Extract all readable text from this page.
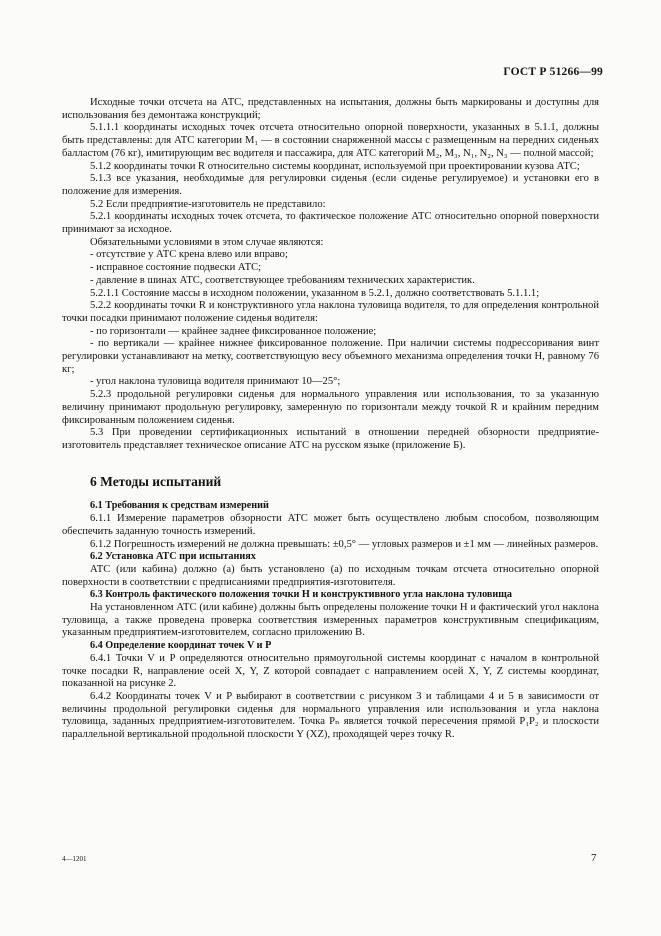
ГОСТ Р 51266—99

Исходные точки отсчета на АТС, представленных на испытания, должны быть маркированы и доступны для использования без демонтажа конструкций;

5.1.1.1 координаты исходных точек отсчета относительно опорной поверхности, указанных в 5.1.1, должны быть представлены: для АТС категории M₁ — в состоянии снаряженной массы с размещенным на передних сиденьях балластом (76 кг), имитирующим вес водителя и пассажира, для АТС категорий M₂, M₃, N₁, N₂, N₃ — полной массой;

5.1.2 координаты точки R относительно системы координат, используемой при проектировании кузова АТС;

5.1.3 все указания, необходимые для регулировки сиденья (если сиденье регулируемое) и установки его в положение для измерения.

5.2 Если предприятие-изготовитель не представило:

5.2.1 координаты исходных точек отсчета, то фактическое положение АТС относительно опорной поверхности принимают за исходное.

Обязательными условиями в этом случае являются:

- отсутствие у АТС крена влево или вправо;

- исправное состояние подвески АТС;

- давление в шинах АТС, соответствующее требованиям технических характеристик.

5.2.1.1 Состояние массы в исходном положении, указанном в 5.2.1, должно соответствовать 5.1.1.1;

5.2.2 координаты точки R и конструктивного угла наклона туловища водителя, то для определения контрольной точки посадки принимают положение сиденья водителя:

- по горизонтали — крайнее заднее фиксированное положение;

- по вертикали — крайнее нижнее фиксированное положение. При наличии системы подрессоривания винт регулировки устанавливают на метку, соответствующую весу объемного механизма определения точки H, равному 76 кг;

- угол наклона туловища водителя принимают 10—25°;

5.2.3 продольной регулировки сиденья для нормального управления или использования, то за указанную величину принимают продольную регулировку, замеренную по горизонтали между точкой R и крайним передним фиксированным положением сиденья.

5.3 При проведении сертификационных испытаний в отношении передней обзорности предприятие-изготовитель представляет техническое описание АТС на русском языке (приложение Б).

6 Методы испытаний
6.1 Требования к средствам измерений

6.1.1 Измерение параметров обзорности АТС может быть осуществлено любым способом, позволяющим обеспечить заданную точность измерений.

6.1.2 Погрешность измерений не должна превышать: ±0,5° — угловых размеров и ±1 мм — линейных размеров.

6.2 Установка АТС при испытаниях

АТС (или кабина) должно (а) быть установлено (а) по исходным точкам отсчета относительно опорной поверхности в соответствии с предписаниями предприятия-изготовителя.

6.3 Контроль фактического положения точки H и конструктивного угла наклона туловища

На установленном АТС (или кабине) должны быть определены положение точки H и фактический угол наклона туловища, а также проведена проверка соответствия измеренных параметров конструктивным спецификациям, указанным предприятием-изготовителем, согласно приложению В.

6.4 Определение координат точек V и P

6.4.1 Точки V и P определяются относительно прямоугольной системы координат с началом в контрольной точке посадки R, направление осей X, Y, Z которой совпадает с направлением осей X, Y, Z системы координат, показанной на рисунке 2.

6.4.2 Координаты точек V и P выбирают в соответствии с рисунком 3 и таблицами 4 и 5 в зависимости от величины продольной регулировки сиденья для нормального управления или использования и угла наклона туловища, заданных предприятием-изготовителем. Точка Pₙ является точкой пересечения прямой P₁P₂ и плоскости параллельной вертикальной продольной плоскости Y (XZ), проходящей через точку R.

4—1201	7
